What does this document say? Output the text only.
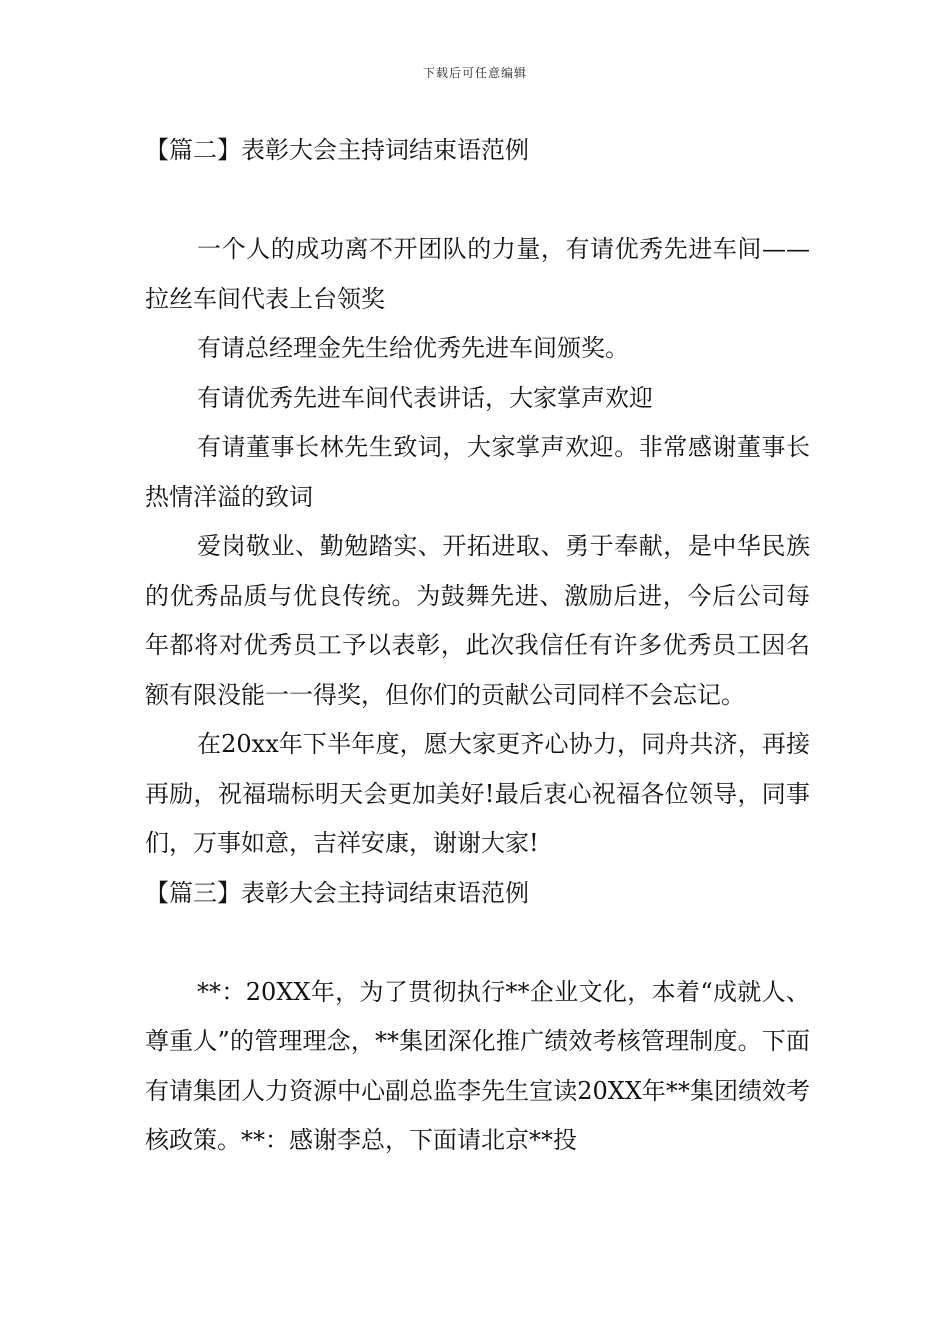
下载后可任意编辑
【篇二】表彰大会主持词结束语范例

一个人的成功离不开团队的力量，有请优秀先进车间——拉丝车间代表上台领奖

有请总经理金先生给优秀先进车间颁奖。

有请优秀先进车间代表讲话，大家掌声欢迎

有请董事长林先生致词，大家掌声欢迎。非常感谢董事长热情洋溢的致词

爱岗敬业、勤勉踏实、开拓进取、勇于奉献，是中华民族的优秀品质与优良传统。为鼓舞先进、激励后进，今后公司每年都将对优秀员工予以表彰，此次我信任有许多优秀员工因名额有限没能一一得奖，但你们的贡献公司同样不会忘记。

在20xx年下半年度，愿大家更齐心协力，同舟共济，再接再励，祝福瑞标明天会更加美好!最后衷心祝福各位领导，同事们，万事如意，吉祥安康，谢谢大家!

【篇三】表彰大会主持词结束语范例

**：20XX年，为了贯彻执行**企业文化，本着“成就人、尊重人”的管理理念，**集团深化推广绩效考核管理制度。下面有请集团人力资源中心副总监李先生宣读20XX年**集团绩效考核政策。**：感谢李总，下面请北京**投
